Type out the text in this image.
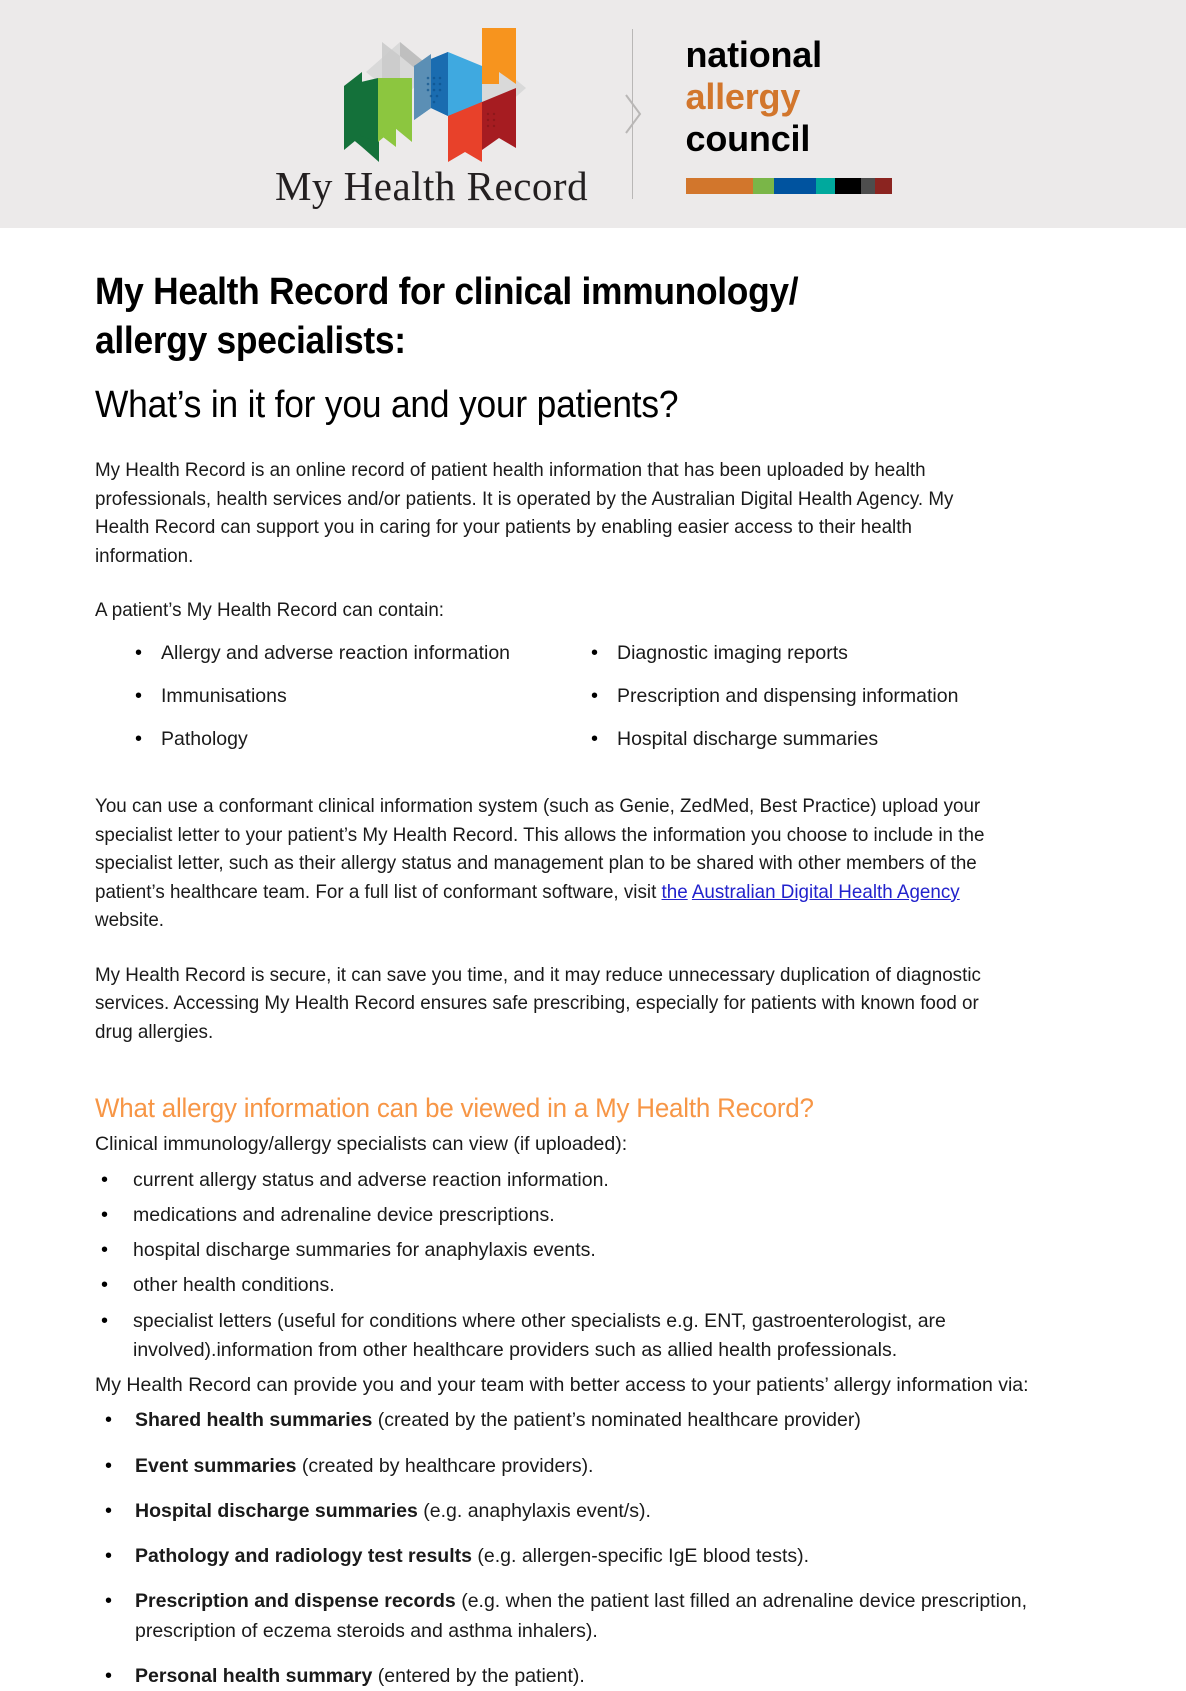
My Health Record
national
allergy
council
My Health Record for clinical immunology/ allergy specialists:
What’s in it for you and your patients?

My Health Record is an online record of patient health information that has been uploaded by health professionals, health services and/or patients. It is operated by the Australian Digital Health Agency. My Health Record can support you in caring for your patients by enabling easier access to their health information.

A patient’s My Health Record can contain:

• Allergy and adverse reaction information
• Immunisations
• Pathology
• Diagnostic imaging reports
• Prescription and dispensing information
• Hospital discharge summaries

You can use a conformant clinical information system (such as Genie, ZedMed, Best Practice) upload your specialist letter to your patient’s My Health Record. This allows the information you choose to include in the specialist letter, such as their allergy status and management plan to be shared with other members of the patient’s healthcare team. For a full list of conformant software, visit the Australian Digital Health Agency website.

My Health Record is secure, it can save you time, and it may reduce unnecessary duplication of diagnostic services. Accessing My Health Record ensures safe prescribing, especially for patients with known food or drug allergies.

What allergy information can be viewed in a My Health Record?

Clinical immunology/allergy specialists can view (if uploaded):

• current allergy status and adverse reaction information.
• medications and adrenaline device prescriptions.
• hospital discharge summaries for anaphylaxis events.
• other health conditions.
• specialist letters (useful for conditions where other specialists e.g. ENT, gastroenterologist, are involved).information from other healthcare providers such as allied health professionals.

My Health Record can provide you and your team with better access to your patients’ allergy information via:

• Shared health summaries (created by the patient’s nominated healthcare provider)
• Event summaries (created by healthcare providers).
• Hospital discharge summaries (e.g. anaphylaxis event/s).
• Pathology and radiology test results (e.g. allergen-specific IgE blood tests).
• Prescription and dispense records (e.g. when the patient last filled an adrenaline device prescription, prescription of eczema steroids and asthma inhalers).
• Personal health summary (entered by the patient).
